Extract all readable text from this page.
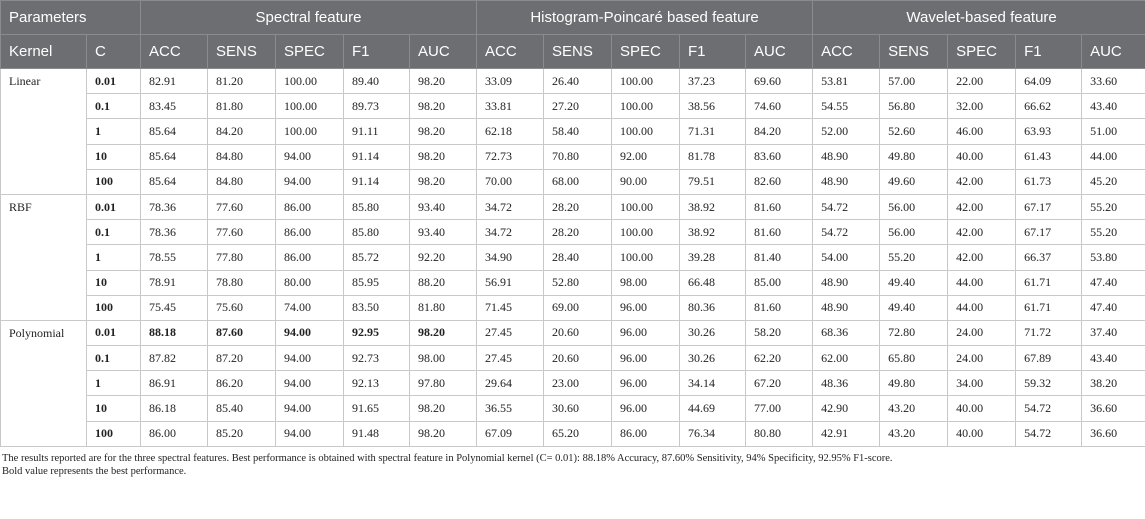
Parameters		Spectral feature					Histogram-Poincaré based feature					Wavelet-based feature				
Kernel	C	ACC	SENS	SPEC	F1	AUC	ACC	SENS	SPEC	F1	AUC	ACC	SENS	SPEC	F1	AUC
Linear	0.01	82.91	81.20	100.00	89.40	98.20	33.09	26.40	100.00	37.23	69.60	53.81	57.00	22.00	64.09	33.60
	0.1	83.45	81.80	100.00	89.73	98.20	33.81	27.20	100.00	38.56	74.60	54.55	56.80	32.00	66.62	43.40
	1	85.64	84.20	100.00	91.11	98.20	62.18	58.40	100.00	71.31	84.20	52.00	52.60	46.00	63.93	51.00
	10	85.64	84.80	94.00	91.14	98.20	72.73	70.80	92.00	81.78	83.60	48.90	49.80	40.00	61.43	44.00
	100	85.64	84.80	94.00	91.14	98.20	70.00	68.00	90.00	79.51	82.60	48.90	49.60	42.00	61.73	45.20
RBF	0.01	78.36	77.60	86.00	85.80	93.40	34.72	28.20	100.00	38.92	81.60	54.72	56.00	42.00	67.17	55.20
	0.1	78.36	77.60	86.00	85.80	93.40	34.72	28.20	100.00	38.92	81.60	54.72	56.00	42.00	67.17	55.20
	1	78.55	77.80	86.00	85.72	92.20	34.90	28.40	100.00	39.28	81.40	54.00	55.20	42.00	66.37	53.80
	10	78.91	78.80	80.00	85.95	88.20	56.91	52.80	98.00	66.48	85.00	48.90	49.40	44.00	61.71	47.40
	100	75.45	75.60	74.00	83.50	81.80	71.45	69.00	96.00	80.36	81.60	48.90	49.40	44.00	61.71	47.40
Polynomial	0.01	88.18	87.60	94.00	92.95	98.20	27.45	20.60	96.00	30.26	58.20	68.36	72.80	24.00	71.72	37.40
	0.1	87.82	87.20	94.00	92.73	98.00	27.45	20.60	96.00	30.26	62.20	62.00	65.80	24.00	67.89	43.40
	1	86.91	86.20	94.00	92.13	97.80	29.64	23.00	96.00	34.14	67.20	48.36	49.80	34.00	59.32	38.20
	10	86.18	85.40	94.00	91.65	98.20	36.55	30.60	96.00	44.69	77.00	42.90	43.20	40.00	54.72	36.60
	100	86.00	85.20	94.00	91.48	98.20	67.09	65.20	86.00	76.34	80.80	42.91	43.20	40.00	54.72	36.60
The results reported are for the three spectral features. Best performance is obtained with spectral feature in Polynomial kernel (C= 0.01): 88.18% Accuracy, 87.60% Sensitivity, 94% Specificity, 92.95% F1-score.
Bold value represents the best performance.
